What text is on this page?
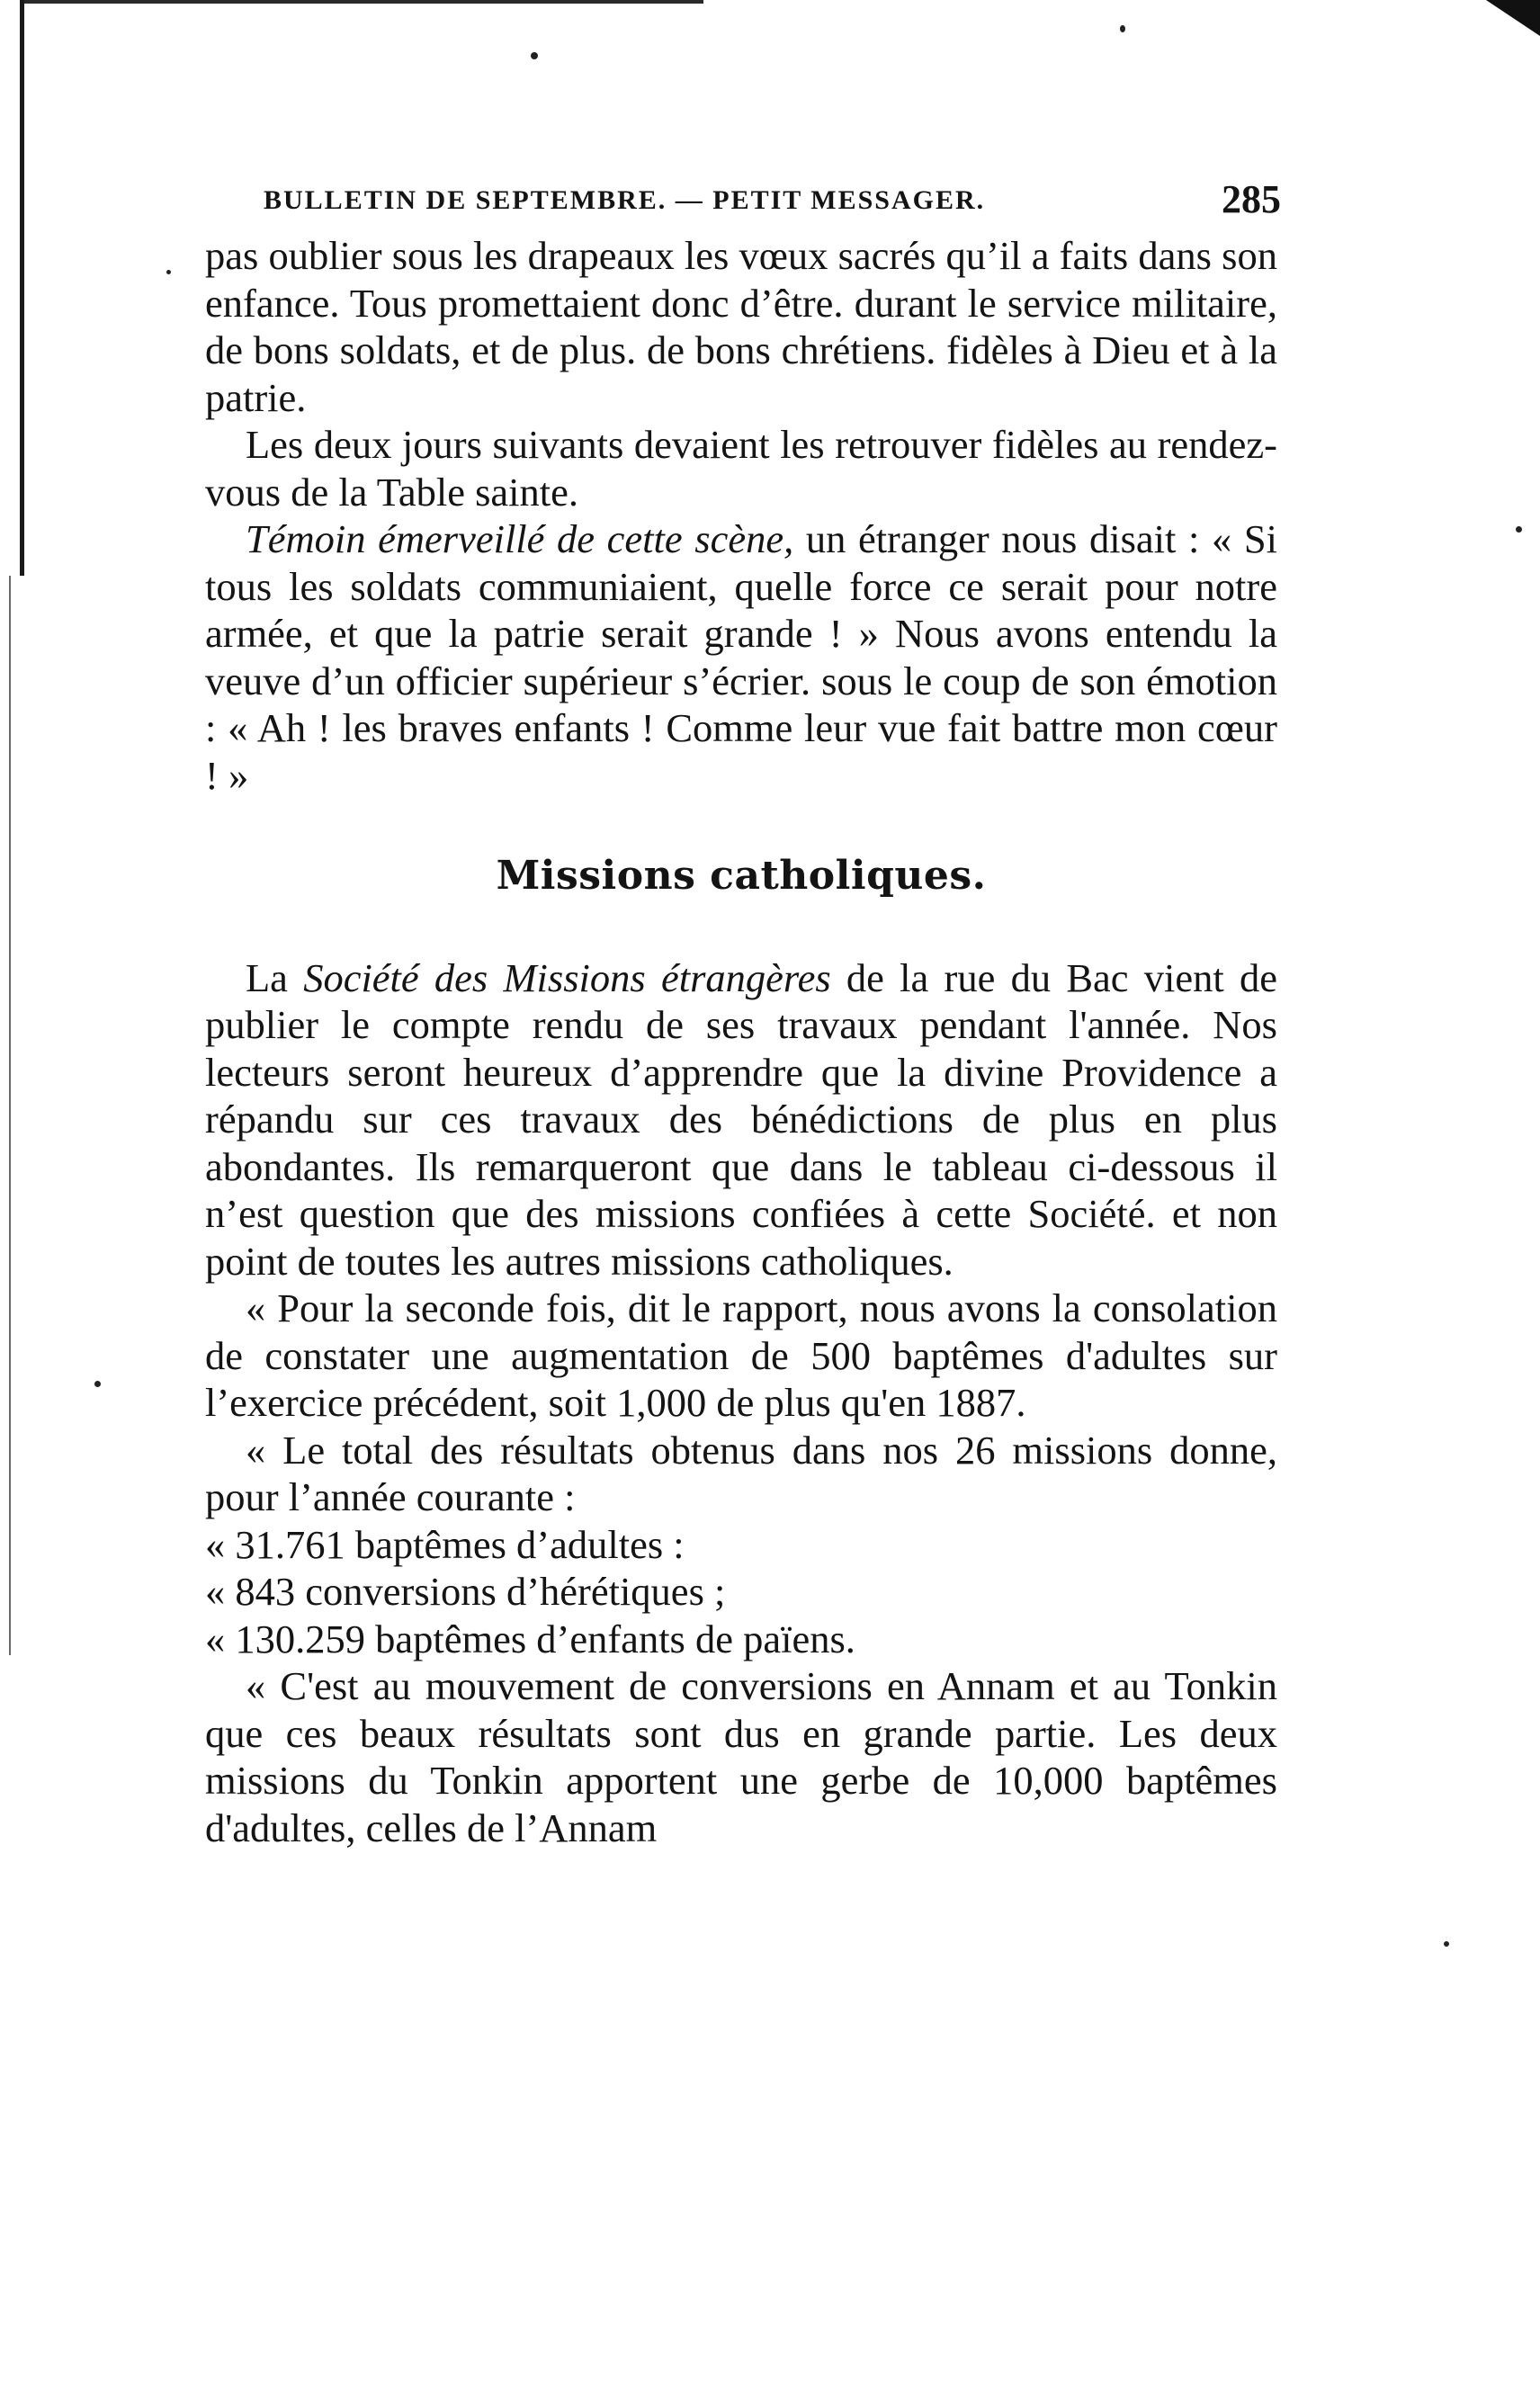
BULLETIN DE SEPTEMBRE. — PETIT MESSAGER.	285

pas oublier sous les drapeaux les vœux sacrés qu’il a faits dans son enfance. Tous promettaient donc d’être. durant le service militaire, de bons soldats, et de plus. de bons chrétiens. fidèles à Dieu et à la patrie.

Les deux jours suivants devaient les retrouver fidèles au rendez-vous de la Table sainte.

Témoin émerveillé de cette scène, un étranger nous disait : « Si tous les soldats communiaient, quelle force ce serait pour notre armée, et que la patrie serait grande ! » Nous avons entendu la veuve d’un officier supérieur s’écrier. sous le coup de son émotion : « Ah ! les braves enfants ! Comme leur vue fait battre mon cœur ! »

Missions catholiques.

La Société des Missions étrangères de la rue du Bac vient de publier le compte rendu de ses travaux pendant l'année. Nos lecteurs seront heureux d’apprendre que la divine Providence a répandu sur ces travaux des bénédictions de plus en plus abondantes. Ils remarqueront que dans le tableau ci-dessous il n’est question que des missions confiées à cette Société. et non point de toutes les autres missions catholiques.

« Pour la seconde fois, dit le rapport, nous avons la consolation de constater une augmentation de 500 baptêmes d'adultes sur l’exercice précédent, soit 1,000 de plus qu'en 1887.

« Le total des résultats obtenus dans nos 26 missions donne, pour l’année courante :

« 31.761 baptêmes d’adultes :

« 843 conversions d’hérétiques ;

« 130.259 baptêmes d’enfants de païens.

« C'est au mouvement de conversions en Annam et au Tonkin que ces beaux résultats sont dus en grande partie. Les deux missions du Tonkin apportent une gerbe de 10,000 baptêmes d'adultes, celles de l’Annam
